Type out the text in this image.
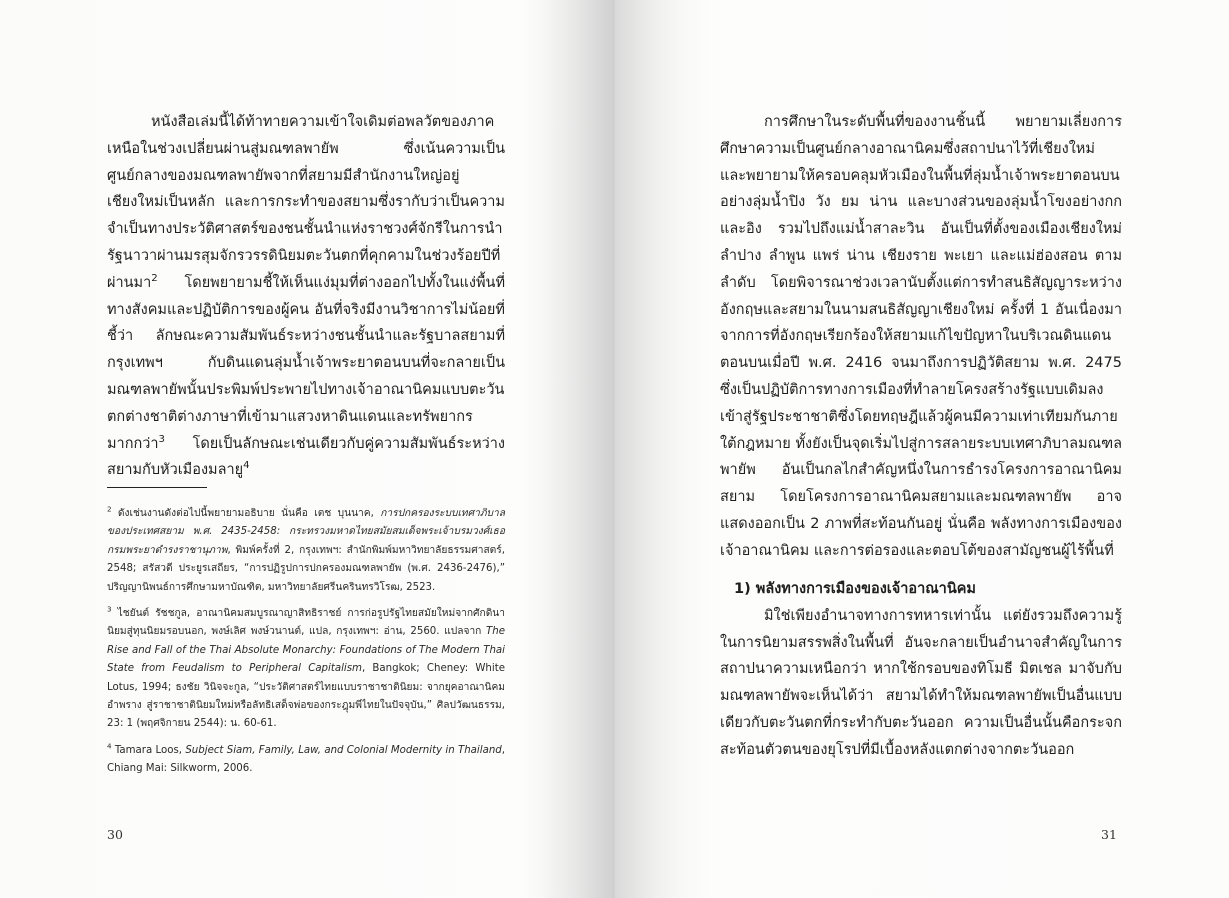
หนังสือเล่มนี้ได้ท้าทายความเข้าใจเดิมต่อพลวัตของภาคเหนือในช่วงเปลี่ยนผ่านสู่มณฑลพายัพ ซึ่งเน้นความเป็นศูนย์กลางของมณฑลพายัพจากที่สยามมีสำนักงานใหญ่อยู่เชียงใหม่เป็นหลัก และการกระทำของสยามซึ่งรากับว่าเป็นความจำเป็นทางประวัติศาสตร์ของชนชั้นนำแห่งราชวงศ์จักรีในการนำรัฐนาวาผ่านมรสุมจักรวรรดินิยมตะวันตกที่คุกคามในช่วงร้อยปีที่ผ่านมา$^2$ โดยพยายามชี้ให้เห็นแง่มุมที่ต่างออกไปทั้งในแง่พื้นที่ทางสังคมและปฏิบัติการของผู้คน อันที่จริงมีงานวิชาการไม่น้อยที่ชี้ว่า ลักษณะความสัมพันธ์ระหว่างชนชั้นนำและรัฐบาลสยามที่กรุงเทพฯ กับดินแดนลุ่มน้ำเจ้าพระยาตอนบนที่จะกลายเป็นมณฑลพายัพนั้นประพิมพ์ประพายไปทางเจ้าอาณานิคมแบบตะวันตกต่างชาติต่างภาษาที่เข้ามาแสวงหาดินแดนและทรัพยากรมากกว่า$^3$ โดยเป็นลักษณะเช่นเดียวกับคู่ความสัมพันธ์ระหว่างสยามกับหัวเมืองมลายู$^4$

$^2$ ดังเช่นงานดังต่อไปนี้พยายามอธิบาย นั่นคือ เตช บุนนาค, การปกครองระบบเทศาภิบาลของประเทศสยาม พ.ศ. 2435-2458: กระทรวงมหาดไทยสมัยสมเด็จพระเจ้าบรมวงศ์เธอกรมพระยาดำรงราชานุภาพ, พิมพ์ครั้งที่ 2, กรุงเทพฯ: สำนักพิมพ์มหาวิทยาลัยธรรมศาสตร์, 2548; สรัสวดี ประยูรเสถียร, “การปฏิรูปการปกครองมณฑลพายัพ (พ.ศ. 2436-2476),” ปริญญานิพนธ์การศึกษามหาบัณฑิต, มหาวิทยาลัยศรีนครินทรวิโรฒ, 2523.

$^3$ ไชยันต์ รัชชกูล, อาณานิคมสมบูรณาญาสิทธิราชย์ การก่อรูปรัฐไทยสมัยใหม่จากศักดินานิยมสู่ทุนนิยมรอบนอก, พงษ์เลิศ พงษ์วนานต์, แปล, กรุงเทพฯ: อ่าน, 2560. แปลจาก The Rise and Fall of the Thai Absolute Monarchy: Foundations of The Modern Thai State from Feudalism to Peripheral Capitalism, Bangkok; Cheney: White Lotus, 1994; ธงชัย วินิจจะกูล, “ประวัติศาสตร์ไทยแบบราชาชาตินิยม: จากยุคอาณานิคมอำพราง สู่ราชาชาตินิยมใหม่หรือลัทธิเสด็จพ่อของกระฎุมพีไทยในปัจจุบัน,” ศิลปวัฒนธรรม, 23: 1 (พฤศจิกายน 2544): น. 60-61.

$^4$ Tamara Loos, Subject Siam, Family, Law, and Colonial Modernity in Thailand, Chiang Mai: Silkworm, 2006.

30

การศึกษาในระดับพื้นที่ของงานชิ้นนี้ พยายามเลี่ยงการศึกษาความเป็นศูนย์กลางอาณานิคมซึ่งสถาปนาไว้ที่เชียงใหม่ และพยายามให้ครอบคลุมหัวเมืองในพื้นที่ลุ่มน้ำเจ้าพระยาตอนบน อย่างลุ่มน้ำปิง วัง ยม น่าน และบางส่วนของลุ่มน้ำโขงอย่างกกและอิง รวมไปถึงแม่น้ำสาละวิน อันเป็นที่ตั้งของเมืองเชียงใหม่ ลำปาง ลำพูน แพร่ น่าน เชียงราย พะเยา และแม่ฮ่องสอน ตามลำดับ โดยพิจารณาช่วงเวลานับตั้งแต่การทำสนธิสัญญาระหว่างอังกฤษและสยามในนามสนธิสัญญาเชียงใหม่ ครั้งที่ 1 อันเนื่องมาจากการที่อังกฤษเรียกร้องให้สยามแก้ไขปัญหาในบริเวณดินแดนตอนบนเมื่อปี พ.ศ. 2416 จนมาถึงการปฏิวัติสยาม พ.ศ. 2475 ซึ่งเป็นปฏิบัติการทางการเมืองที่ทำลายโครงสร้างรัฐแบบเดิมลง เข้าสู่รัฐประชาชาติซึ่งโดยทฤษฎีแล้วผู้คนมีความเท่าเทียมกันภายใต้กฎหมาย ทั้งยังเป็นจุดเริ่มไปสู่การสลายระบบเทศาภิบาลมณฑลพายัพ อันเป็นกลไกสำคัญหนึ่งในการธำรงโครงการอาณานิคมสยาม โดยโครงการอาณานิคมสยามและมณฑลพายัพ อาจแสดงออกเป็น 2 ภาพที่สะท้อนกันอยู่ นั่นคือ พลังทางการเมืองของเจ้าอาณานิคม และการต่อรองและตอบโต้ของสามัญชนผู้ไร้พื้นที่

1) พลังทางการเมืองของเจ้าอาณานิคม

มิใช่เพียงอำนาจทางการทหารเท่านั้น แต่ยังรวมถึงความรู้ในการนิยามสรรพสิ่งในพื้นที่ อันจะกลายเป็นอำนาจสำคัญในการสถาปนาความเหนือกว่า หากใช้กรอบของทิโมธี มิตเชล มาจับกับมณฑลพายัพจะเห็นได้ว่า สยามได้ทำให้มณฑลพายัพเป็นอื่นแบบเดียวกับตะวันตกที่กระทำกับตะวันออก ความเป็นอื่นนั้นคือกระจกสะท้อนตัวตนของยุโรปที่มีเบื้องหลังแตกต่างจากตะวันออก

31
